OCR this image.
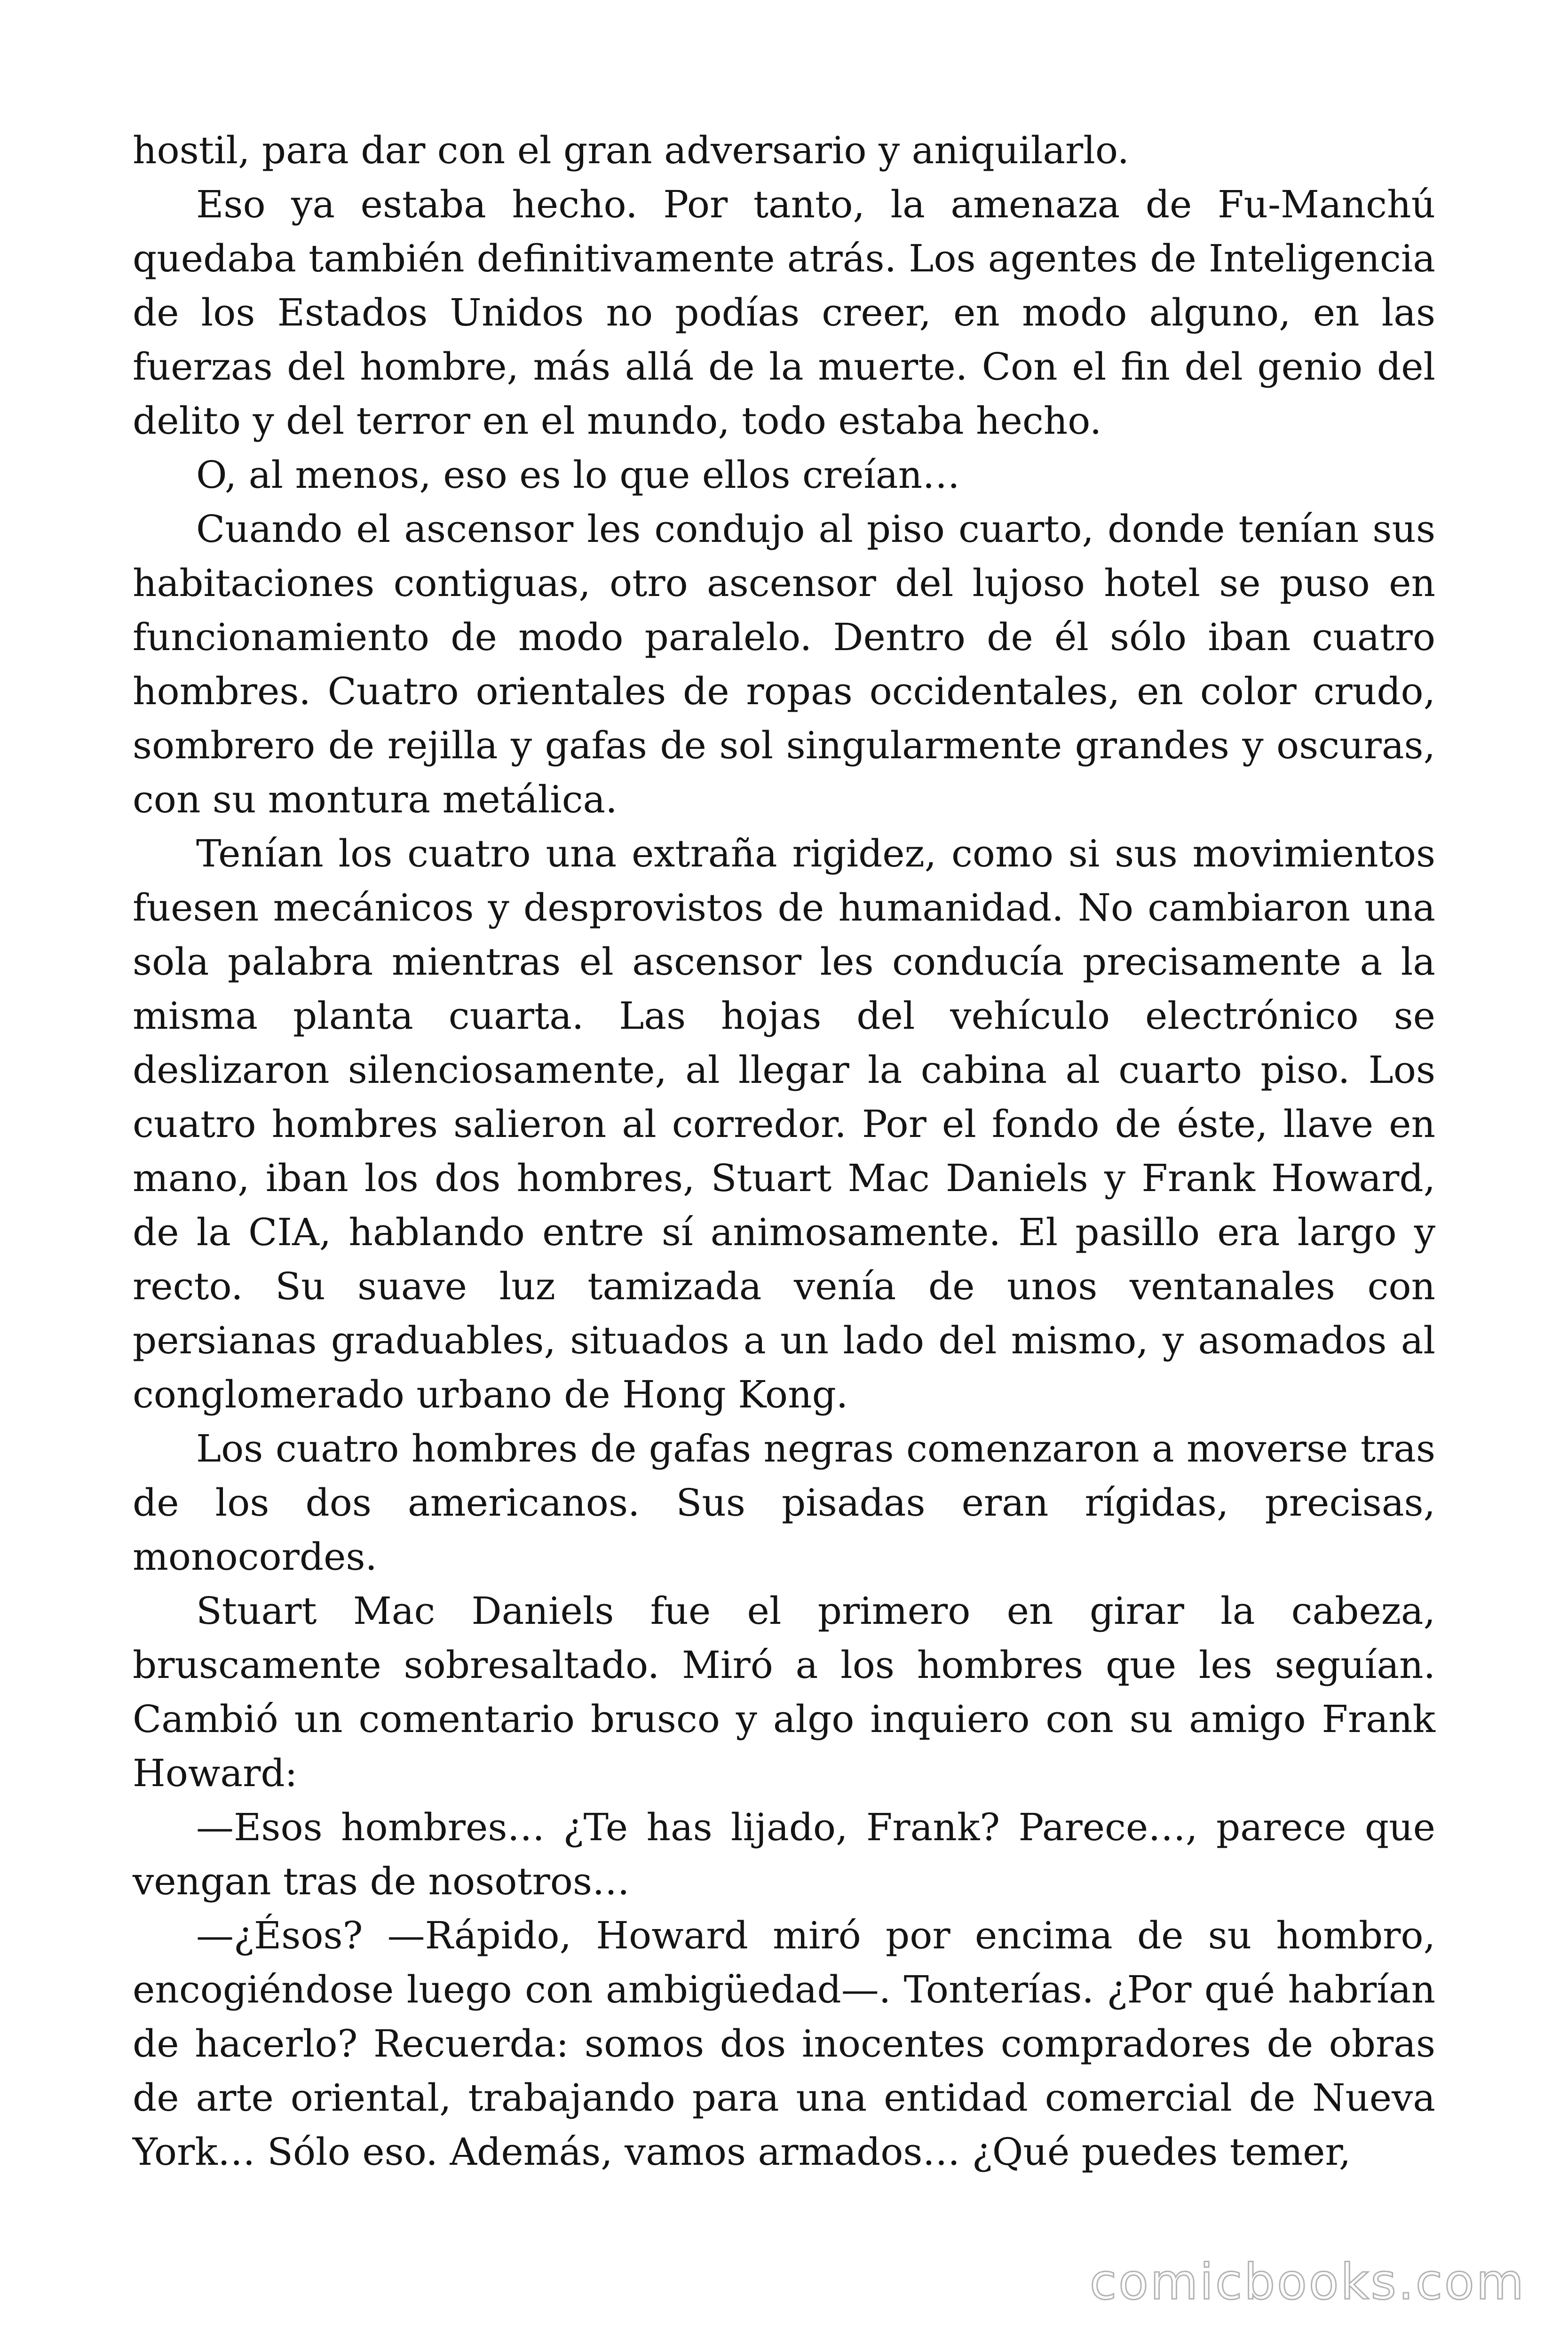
hostil, para dar con el gran adversario y aniquilarlo.

Eso ya estaba hecho. Por tanto, la amenaza de Fu-Manchú quedaba también definitivamente atrás. Los agentes de Inteligencia de los Estados Unidos no podías creer, en modo alguno, en las fuerzas del hombre, más allá de la muerte. Con el fin del genio del delito y del terror en el mundo, todo estaba hecho.

O, al menos, eso es lo que ellos creían…

Cuando el ascensor les condujo al piso cuarto, donde tenían sus habitaciones contiguas, otro ascensor del lujoso hotel se puso en funcionamiento de modo paralelo. Dentro de él sólo iban cuatro hombres. Cuatro orientales de ropas occidentales, en color crudo, sombrero de rejilla y gafas de sol singularmente grandes y oscuras, con su montura metálica.

Tenían los cuatro una extraña rigidez, como si sus movimientos fuesen mecánicos y desprovistos de humanidad. No cambiaron una sola palabra mientras el ascensor les conducía precisamente a la misma planta cuarta. Las hojas del vehículo electrónico se deslizaron silenciosamente, al llegar la cabina al cuarto piso. Los cuatro hombres salieron al corredor. Por el fondo de éste, llave en mano, iban los dos hombres, Stuart Mac Daniels y Frank Howard, de la CIA, hablando entre sí animosamente. El pasillo era largo y recto. Su suave luz tamizada venía de unos ventanales con persianas graduables, situados a un lado del mismo, y asomados al conglomerado urbano de Hong Kong.

Los cuatro hombres de gafas negras comenzaron a moverse tras de los dos americanos. Sus pisadas eran rígidas, precisas, monocordes.

Stuart Mac Daniels fue el primero en girar la cabeza, bruscamente sobresaltado. Miró a los hombres que les seguían. Cambió un comentario brusco y algo inquiero con su amigo Frank Howard:

—Esos hombres… ¿Te has lijado, Frank? Parece…, parece que vengan tras de nosotros…

—¿Ésos? —Rápido, Howard miró por encima de su hombro, encogiéndose luego con ambigüedad—. Tonterías. ¿Por qué habrían de hacerlo? Recuerda: somos dos inocentes compradores de obras de arte oriental, trabajando para una entidad comercial de Nueva York… Sólo eso. Además, vamos armados… ¿Qué puedes temer,

comicbooks.com
